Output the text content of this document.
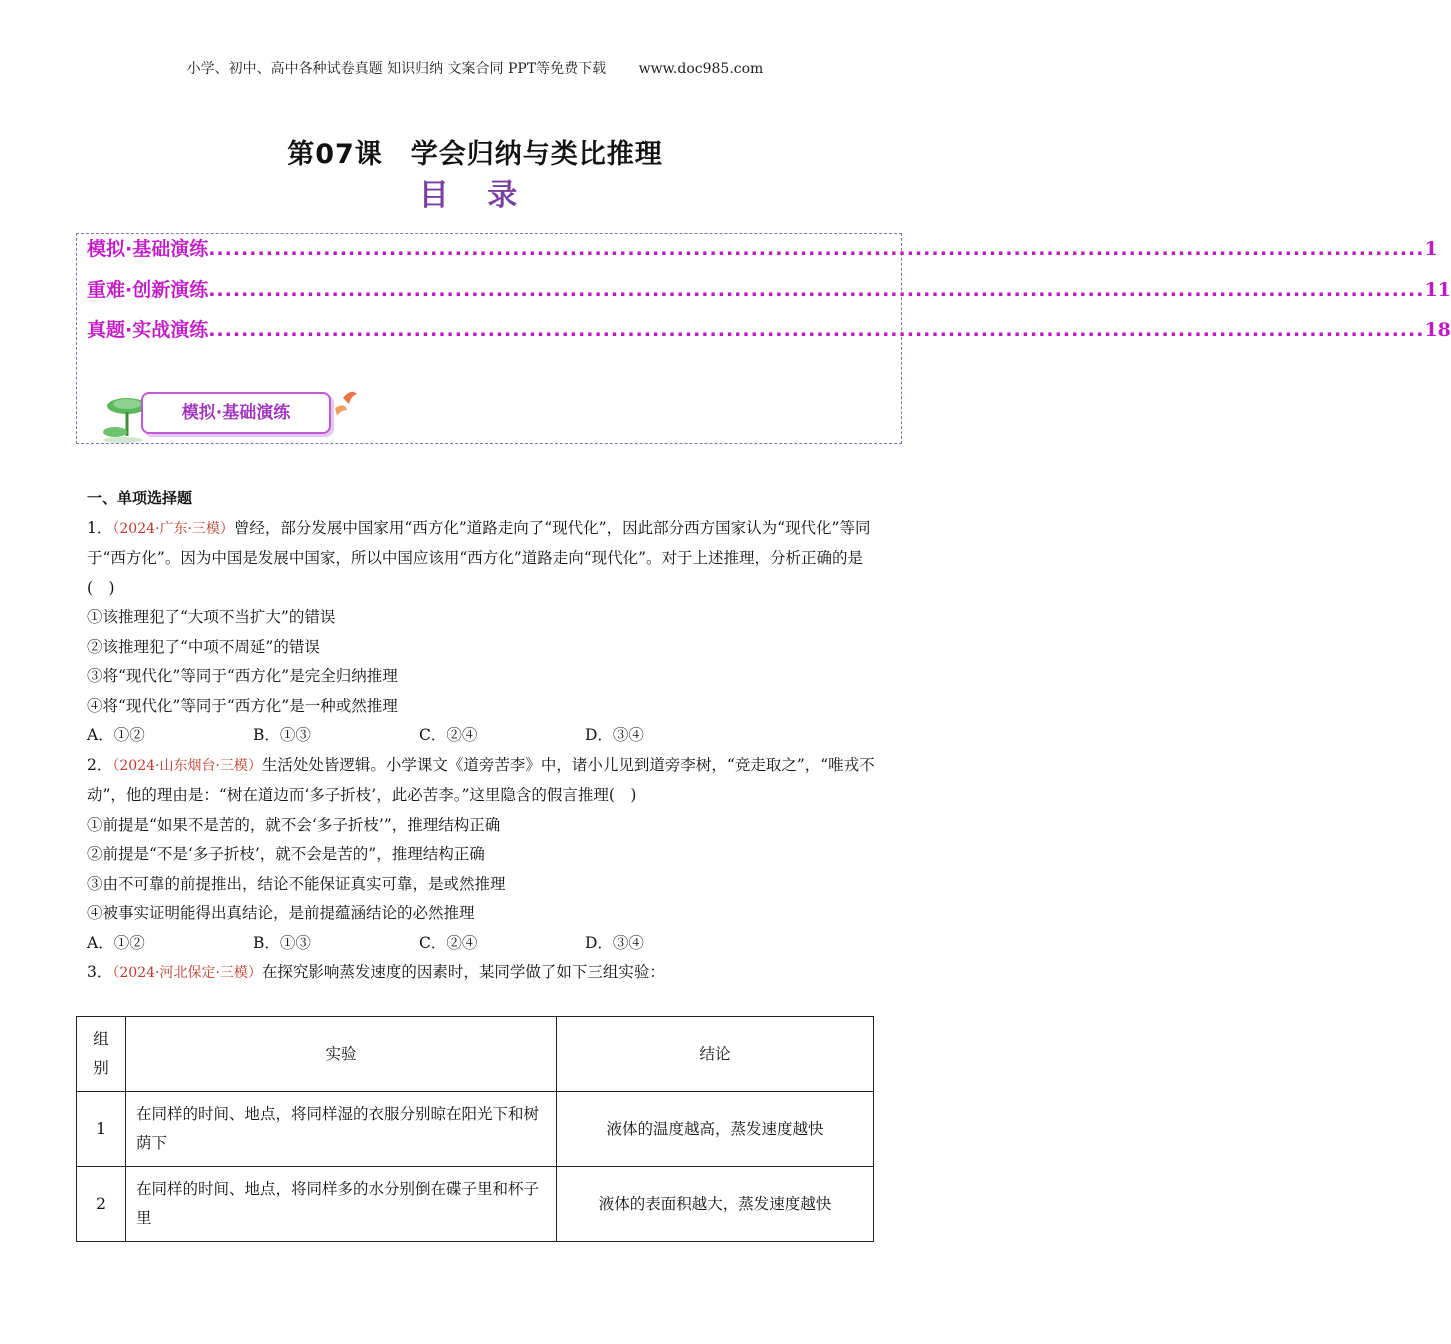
小学、初中、高中各种试卷真题 知识归纳 文案合同 PPT等免费下载 www.doc985.com
第07课　学会归纳与类比推理
目 录
模拟·基础演练 .................................................................................................................................................... 1
重难·创新演练 .................................................................................................................................................... 11
真题·实战演练 .................................................................................................................................................... 18
模拟·基础演练
一、单项选择题
1．（2024·广东·三模）曾经，部分发展中国家用“西方化”道路走向了“现代化”，因此部分西方国家认为“现代化”等同于“西方化”。因为中国是发展中国家，所以中国应该用“西方化”道路走向“现代化”。对于上述推理，分析正确的是(　)
①该推理犯了“大项不当扩大”的错误
②该推理犯了“中项不周延”的错误
③将“现代化”等同于“西方化”是完全归纳推理
④将“现代化”等同于“西方化”是一种或然推理
A．①②	B．①③	C．②④	D．③④
2．（2024·山东烟台·三模）生活处处皆逻辑。小学课文《道旁苦李》中，诸小儿见到道旁李树，“竞走取之”，“唯戎不动”，他的理由是：“树在道边而‘多子折枝’，此必苦李。”这里隐含的假言推理(　)
①前提是“如果不是苦的，就不会‘多子折枝’”，推理结构正确
②前提是“不是‘多子折枝’，就不会是苦的”，推理结构正确
③由不可靠的前提推出，结论不能保证真实可靠，是或然推理
④被事实证明能得出真结论，是前提蕴涵结论的必然推理
A．①②	B．①③	C．②④	D．③④
3．（2024·河北保定·三模）在探究影响蒸发速度的因素时，某同学做了如下三组实验：
组别	实验	结论
1	在同样的时间、地点，将同样湿的衣服分别晾在阳光下和树荫下	液体的温度越高，蒸发速度越快
2	在同样的时间、地点，将同样多的水分别倒在碟子里和杯子里	液体的表面积越大，蒸发速度越快
